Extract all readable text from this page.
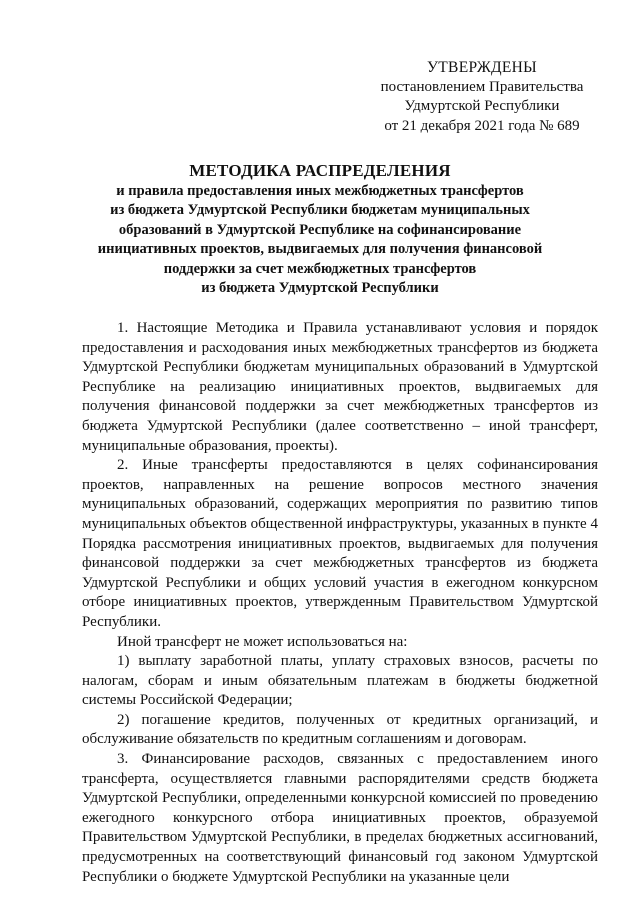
УТВЕРЖДЕНЫ
постановлением Правительства
Удмуртской Республики
от 21 декабря 2021 года № 689
МЕТОДИКА РАСПРЕДЕЛЕНИЯ
и правила предоставления иных межбюджетных трансфертов
из бюджета Удмуртской Республики бюджетам муниципальных
образований в Удмуртской Республике на софинансирование
инициативных проектов, выдвигаемых для получения финансовой
поддержки за счет межбюджетных трансфертов
из бюджета Удмуртской Республики

1. Настоящие Методика и Правила устанавливают условия и порядок предоставления и расходования иных межбюджетных трансфертов из бюджета Удмуртской Республики бюджетам муниципальных образований в Удмуртской Республике на реализацию инициативных проектов, выдвигаемых для получения финансовой поддержки за счет межбюджетных трансфертов из бюджета Удмуртской Республики (далее соответственно – иной трансферт, муниципальные образования, проекты).

2. Иные трансферты предоставляются в целях софинансирования проектов, направленных на решение вопросов местного значения муниципальных образований, содержащих мероприятия по развитию типов муниципальных объектов общественной инфраструктуры, указанных в пункте 4 Порядка рассмотрения инициативных проектов, выдвигаемых для получения финансовой поддержки за счет межбюджетных трансфертов из бюджета Удмуртской Республики и общих условий участия в ежегодном конкурсном отборе инициативных проектов, утвержденным Правительством Удмуртской Республики.

Иной трансферт не может использоваться на:

1) выплату заработной платы, уплату страховых взносов, расчеты по налогам, сборам и иным обязательным платежам в бюджеты бюджетной системы Российской Федерации;

2) погашение кредитов, полученных от кредитных организаций, и обслуживание обязательств по кредитным соглашениям и договорам.

3. Финансирование расходов, связанных с предоставлением иного трансферта, осуществляется главными распорядителями средств бюджета Удмуртской Республики, определенными конкурсной комиссией по проведению ежегодного конкурсного отбора инициативных проектов, образуемой Правительством Удмуртской Республики, в пределах бюджетных ассигнований, предусмотренных на соответствующий финансовый год законом Удмуртской Республики о бюджете Удмуртской Республики на указанные цели
